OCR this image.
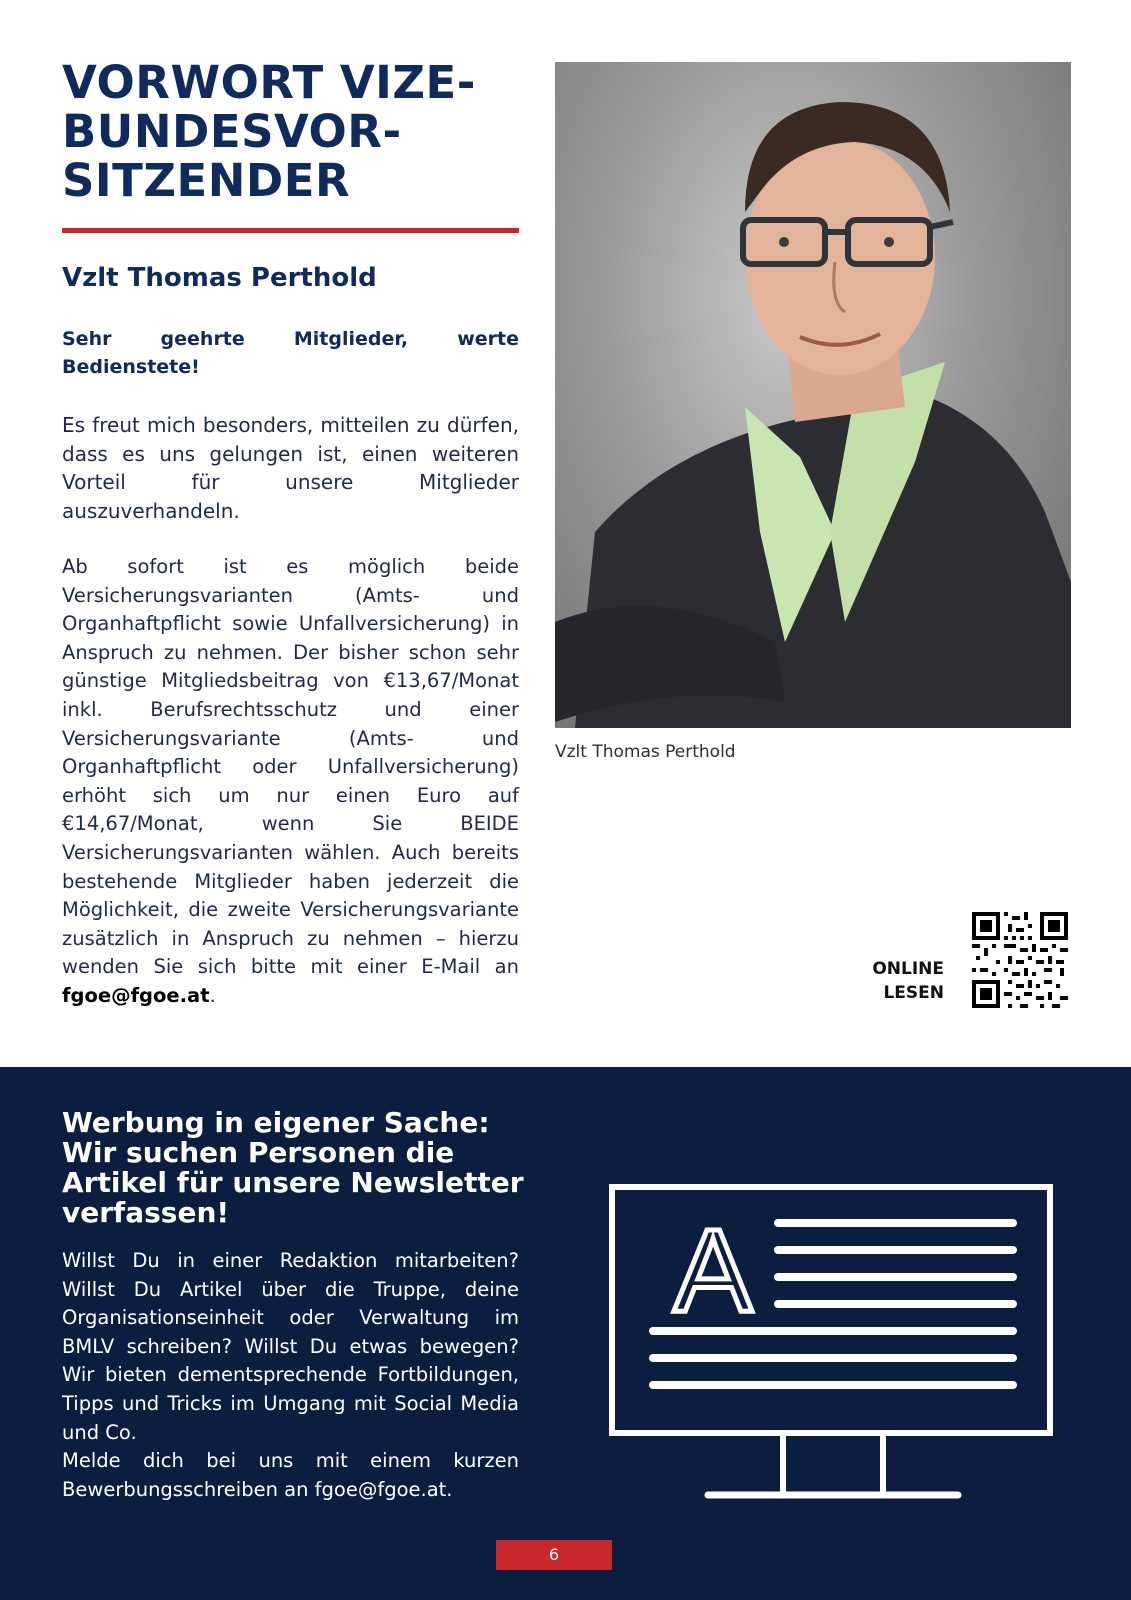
VORWORT VIZE-
BUNDESVOR-
SITZENDER
Vzlt Thomas Perthold
Sehr geehrte Mitglieder, werte Bedienstete!
Es freut mich besonders, mitteilen zu dürfen, dass es uns gelungen ist, einen weiteren Vorteil für unsere Mitglieder auszuverhandeln.
Ab sofort ist es möglich beide Versicherungsvarianten (Amts- und Organhaftpflicht sowie Unfallversicherung) in Anspruch zu nehmen. Der bisher schon sehr günstige Mitgliedsbeitrag von €13,67/Monat inkl. Berufsrechtsschutz und einer Versicherungsvariante (Amts- und Organhaftpflicht oder Unfallversicherung) erhöht sich um nur einen Euro auf €14,67/Monat, wenn Sie BEIDE Versicherungsvarianten wählen. Auch bereits bestehende Mitglieder haben jederzeit die Möglichkeit, die zweite Versicherungsvariante zusätzlich in Anspruch zu nehmen – hierzu wenden Sie sich bitte mit einer E-Mail an fgoe@fgoe.at.
Vzlt Thomas Perthold
ONLINE
LESEN
Werbung in eigener Sache: Wir suchen Personen die Artikel für unsere Newsletter verfassen!
Willst Du in einer Redaktion mitarbeiten? Willst Du Artikel über die Truppe, deine Organisationseinheit oder Verwaltung im BMLV schreiben? Willst Du etwas bewegen? Wir bieten dementsprechende Fortbildungen, Tipps und Tricks im Umgang mit Social Media und Co.
Melde dich bei uns mit einem kurzen Bewerbungsschreiben an fgoe@fgoe.at.
A
6
